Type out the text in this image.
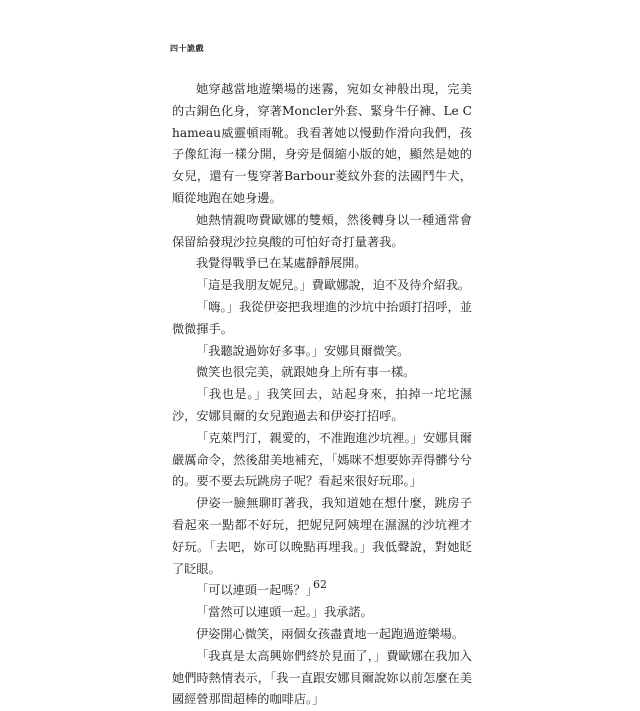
四十詭戲

她穿越當地遊樂場的迷霧，宛如女神般出現，完美的古銅色化身，穿著Moncler外套、緊身牛仔褲、Le Chameau威靈頓雨靴。我看著她以慢動作滑向我們，孩子像紅海一樣分開，身旁是個縮小版的她，顯然是她的女兒，還有一隻穿著Barbour菱紋外套的法國鬥牛犬，順從地跑在她身邊。

她熱情親吻費歐娜的雙頰，然後轉身以一種通常會保留給發現沙拉臭酸的可怕好奇打量著我。

我覺得戰爭已在某處靜靜展開。

「這是我朋友妮兒。」費歐娜說，迫不及待介紹我。

「嗨。」我從伊姿把我埋進的沙坑中抬頭打招呼，並微微揮手。

「我聽說過妳好多事。」安娜貝爾微笑。

微笑也很完美，就跟她身上所有事一樣。

「我也是。」我笑回去，站起身來，拍掉一坨坨濕沙，安娜貝爾的女兒跑過去和伊姿打招呼。

「克萊門汀，親愛的，不准跑進沙坑裡。」安娜貝爾嚴厲命令，然後甜美地補充，「媽咪不想要妳弄得髒兮兮的。要不要去玩跳房子呢？看起來很好玩耶。」

伊姿一臉無聊盯著我，我知道她在想什麼，跳房子看起來一點都不好玩，把妮兒阿姨埋在濕濕的沙坑裡才好玩。「去吧，妳可以晚點再埋我。」我低聲說，對她眨了眨眼。

「可以連頭一起嗎？」

「當然可以連頭一起。」我承諾。

伊姿開心微笑，兩個女孩盡責地一起跑過遊樂場。

「我真是太高興妳們終於見面了，」費歐娜在我加入她們時熱情表示，「我一直跟安娜貝爾說妳以前怎麼在美國經營那間超棒的咖啡店。」

62
